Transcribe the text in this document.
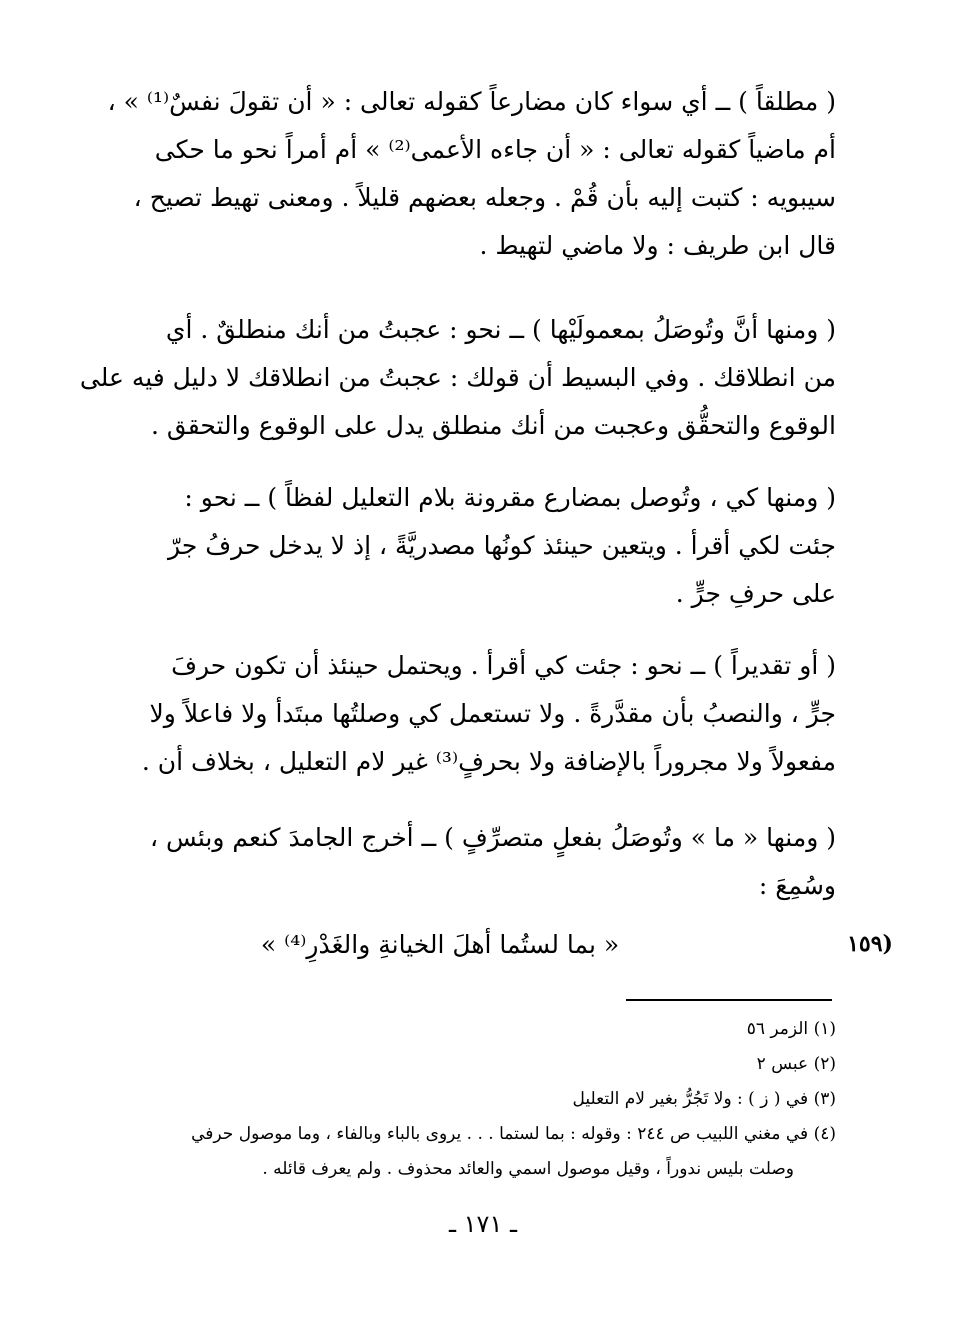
( مطلقاً ) ــ أي سواء كان مضارعاً كقوله تعالى : « أن تقولَ نفسٌ⁽¹⁾ » ،
أم ماضياً كقوله تعالى : « أن جاءه الأعمى⁽²⁾ » أم أمراً نحو ما حكى
سيبويه : كتبت إليه بأن قُمْ . وجعله بعضهم قليلاً . ومعنى تهيط تصيح ،
قال ابن طريف : ولا ماضي لتهيط .
( ومنها أنَّ وتُوصَلُ بمعمولَيْها ) ــ نحو : عجبتُ من أنك منطلقٌ . أي
من انطلاقك . وفي البسيط أن قولك : عجبتُ من انطلاقك لا دليل فيه على
الوقوع والتحقُّق وعجبت من أنك منطلق يدل على الوقوع والتحقق .
( ومنها كي ، وتُوصل بمضارع مقرونة بلام التعليل لفظاً ) ــ نحو :
جئت لكي أقرأ . ويتعين حينئذ كونُها مصدريَّةً ، إذ لا يدخل حرفُ جرّ
على حرفِ جرٍّ .
( أو تقديراً ) ــ نحو : جئت كي أقرأ . ويحتمل حينئذ أن تكون حرفَ
جرٍّ ، والنصبُ بأن مقدَّرةً . ولا تستعمل كي وصلتُها مبتَدأ ولا فاعلاً ولا
مفعولاً ولا مجروراً بالإضافة ولا بحرفٍ⁽³⁾ غير لام التعليل ، بخلاف أن .
( ومنها « ما » وتُوصَلُ بفعلٍ متصرِّفٍ ) ــ أخرج الجامدَ كنعم وبئس ،
وسُمِعَ :
« بما لستُما أهلَ الخيانةِ والغَدْرِ⁽⁴⁾ »	(١٥٩
(١) الزمر ٥٦
(٢) عبس ٢
(٣) في ( ز ) : ولا تَجُرُّ بغير لام التعليل
(٤) في مغني اللبيب ص ٢٤٤ : وقوله : بما لستما . . . يروى بالباء وبالفاء ، وما موصول حرفي
وصلت بليس ندوراً ، وقيل موصول اسمي والعائد محذوف . ولم يعرف قائله .
ـ ١٧١ ـ
